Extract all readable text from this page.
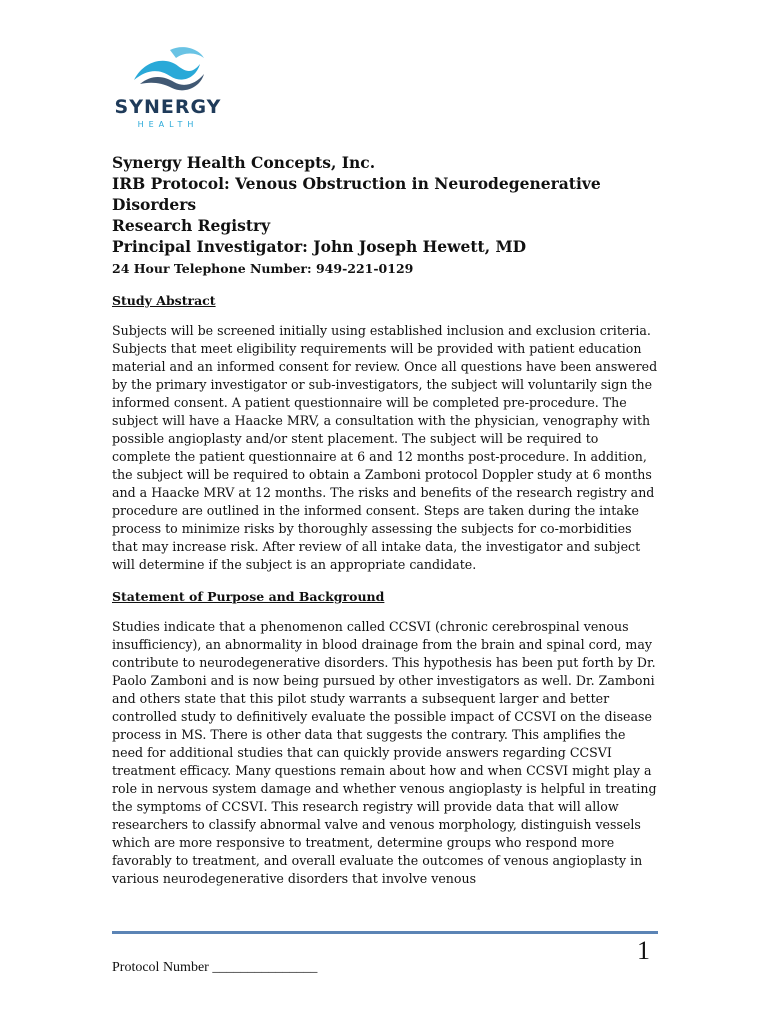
SYNERGY
HEALTH

Synergy Health Concepts, Inc.

IRB Protocol: Venous Obstruction in Neurodegenerative Disorders

Research Registry

Principal Investigator: John Joseph Hewett, MD

24 Hour Telephone Number: 949-221-0129

Study Abstract

Subjects will be screened initially using established inclusion and exclusion criteria. Subjects that meet eligibility requirements will be provided with patient education material and an informed consent for review. Once all questions have been answered by the primary investigator or sub-investigators, the subject will voluntarily sign the informed consent. A patient questionnaire will be completed pre-procedure. The subject will have a Haacke MRV, a consultation with the physician, venography with possible angioplasty and/or stent placement. The subject will be required to complete the patient questionnaire at 6 and 12 months post-procedure. In addition, the subject will be required to obtain a Zamboni protocol Doppler study at 6 months and a Haacke MRV at 12 months. The risks and benefits of the research registry and procedure are outlined in the informed consent. Steps are taken during the intake process to minimize risks by thoroughly assessing the subjects for co-morbidities that may increase risk. After review of all intake data, the investigator and subject will determine if the subject is an appropriate candidate.

Statement of Purpose and Background

Studies indicate that a phenomenon called CCSVI (chronic cerebrospinal venous insufficiency), an abnormality in blood drainage from the brain and spinal cord, may contribute to neurodegenerative disorders. This hypothesis has been put forth by Dr. Paolo Zamboni and is now being pursued by other investigators as well. Dr. Zamboni and others state that this pilot study warrants a subsequent larger and better controlled study to definitively evaluate the possible impact of CCSVI on the disease process in MS. There is other data that suggests the contrary. This amplifies the need for additional studies that can quickly provide answers regarding CCSVI treatment efficacy. Many questions remain about how and when CCSVI might play a role in nervous system damage and whether venous angioplasty is helpful in treating the symptoms of CCSVI. This research registry will provide data that will allow researchers to classify abnormal valve and venous morphology, distinguish vessels which are more responsive to treatment, determine groups who respond more favorably to treatment, and overall evaluate the outcomes of venous angioplasty in various neurodegenerative disorders that involve venous

1
Protocol Number _______________
